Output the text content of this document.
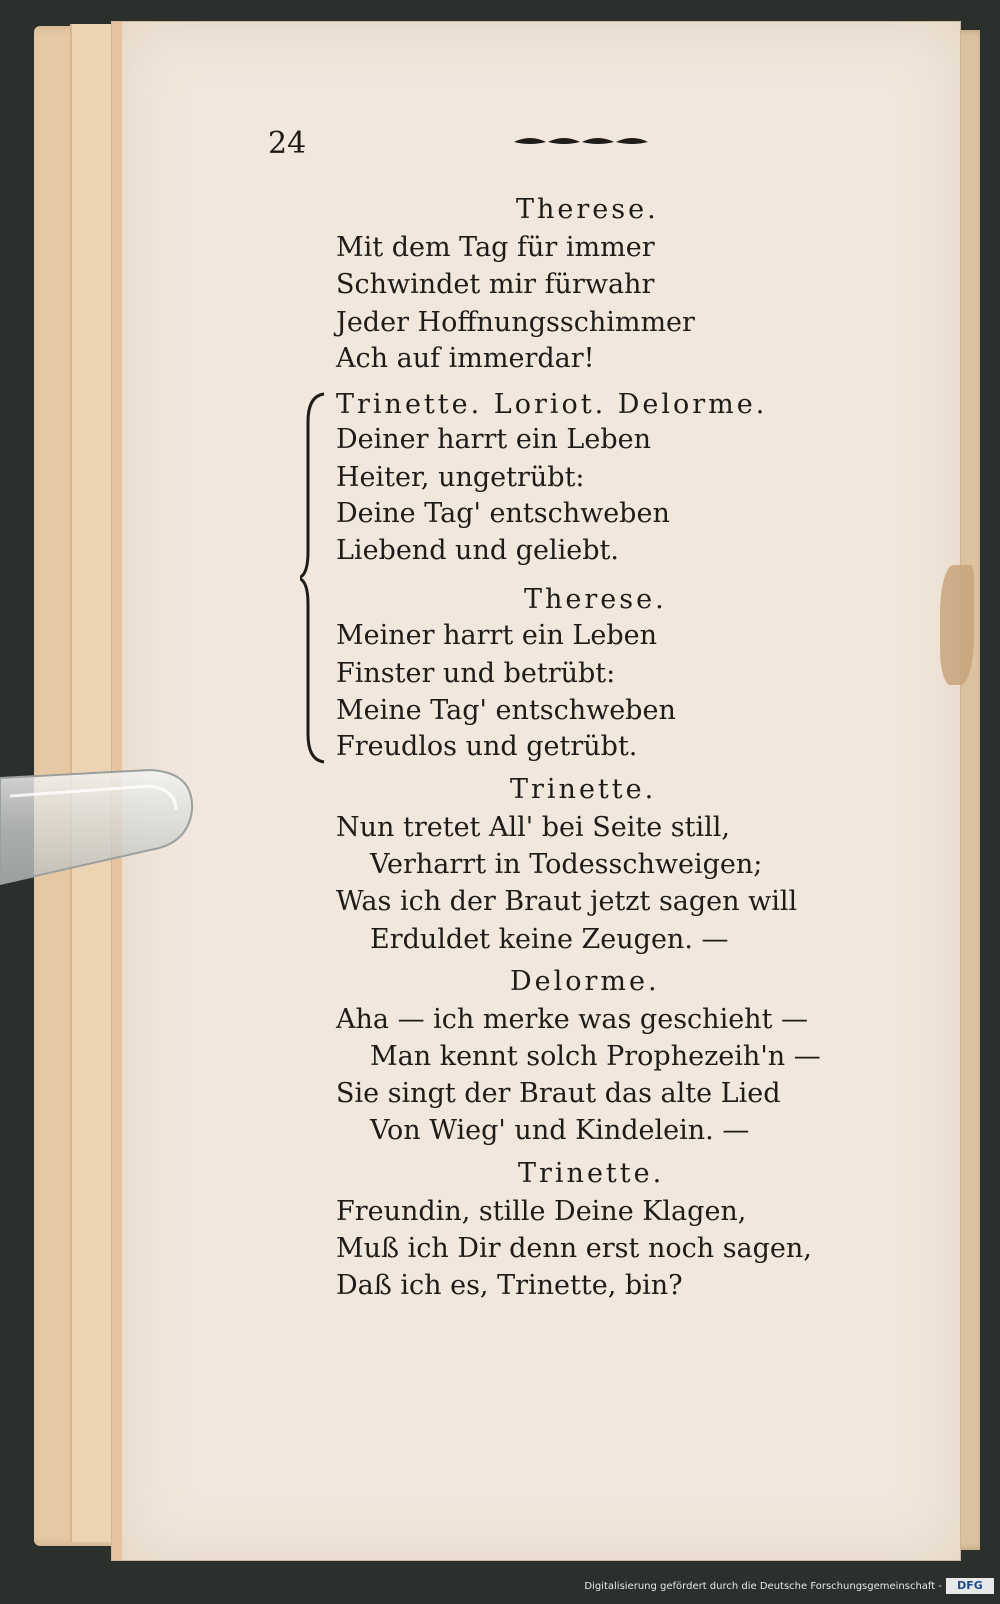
24
Therese.
Mit dem Tag für immer
Schwindet mir fürwahr
Jeder Hoffnungsschimmer
Ach auf immerdar!
Trinette. Loriot. Delorme.
Deiner harrt ein Leben
Heiter, ungetrübt:
Deine Tag' entschweben
Liebend und geliebt.
Therese.
Meiner harrt ein Leben
Finster und betrübt:
Meine Tag' entschweben
Freudlos und getrübt.
Trinette.
Nun tretet All' bei Seite still,
Verharrt in Todesschweigen;
Was ich der Braut jetzt sagen will
Erduldet keine Zeugen. —
Delorme.
Aha — ich merke was geschieht —
Man kennt solch Prophezeih'n —
Sie singt der Braut das alte Lied
Von Wieg' und Kindelein. —
Trinette.
Freundin, stille Deine Klagen,
Muß ich Dir denn erst noch sagen,
Daß ich es, Trinette, bin?
Digitalisierung gefördert durch die Deutsche Forschungsgemeinschaft -	DFG
